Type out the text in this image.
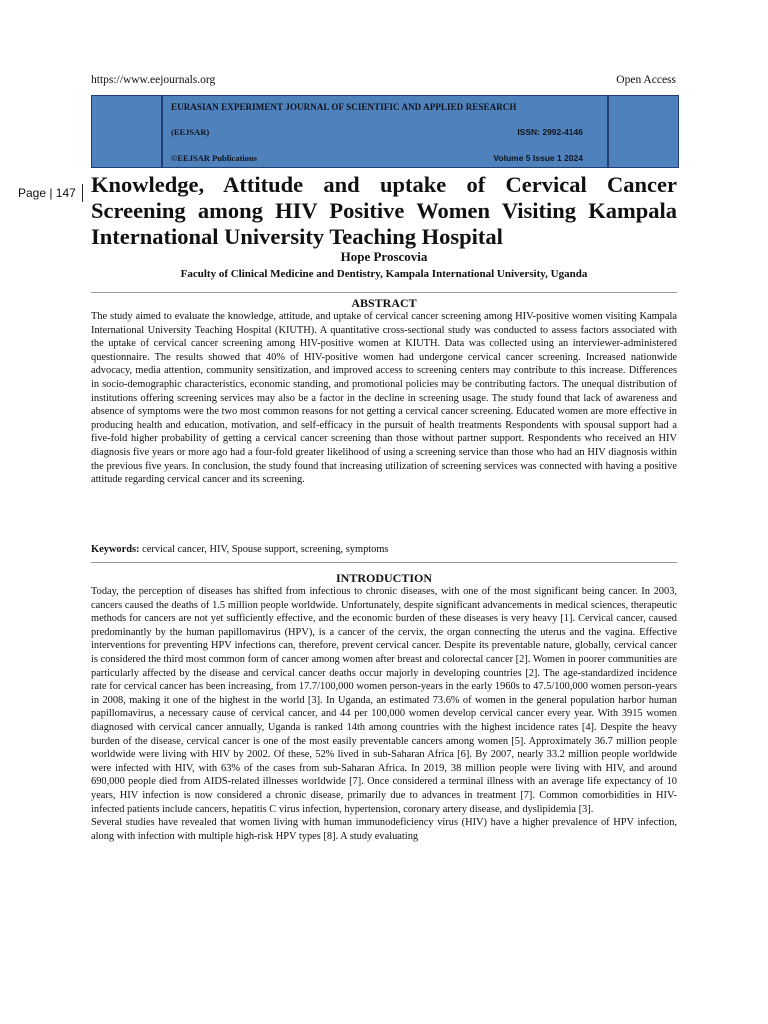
https://www.eejournals.org	Open Access
EURASIAN EXPERIMENT JOURNAL OF SCIENTIFIC AND APPLIED RESEARCH
(EEJSAR)	ISSN: 2992-4146
©EEJSAR Publications	Volume 5 Issue 1 2024
Page | 147 Knowledge, Attitude and uptake of Cervical Cancer Screening among HIV Positive Women Visiting Kampala International University Teaching Hospital
Hope Proscovia
Faculty of Clinical Medicine and Dentistry, Kampala International University, Uganda
ABSTRACT

The study aimed to evaluate the knowledge, attitude, and uptake of cervical cancer screening among HIV-positive women visiting Kampala International University Teaching Hospital (KIUTH). A quantitative cross-sectional study was conducted to assess factors associated with the uptake of cervical cancer screening among HIV-positive women at KIUTH. Data was collected using an interviewer-administered questionnaire. The results showed that 40% of HIV-positive women had undergone cervical cancer screening. Increased nationwide advocacy, media attention, community sensitization, and improved access to screening centers may contribute to this increase. Differences in socio-demographic characteristics, economic standing, and promotional policies may be contributing factors. The unequal distribution of institutions offering screening services may also be a factor in the decline in screening usage. The study found that lack of awareness and absence of symptoms were the two most common reasons for not getting a cervical cancer screening. Educated women are more effective in producing health and education, motivation, and self-efficacy in the pursuit of health treatments Respondents with spousal support had a five-fold higher probability of getting a cervical cancer screening than those without partner support. Respondents who received an HIV diagnosis five years or more ago had a four-fold greater likelihood of using a screening service than those who had an HIV diagnosis within the previous five years. In conclusion, the study found that increasing utilization of screening services was connected with having a positive attitude regarding cervical cancer and its screening.

Keywords: cervical cancer, HIV, Spouse support, screening, symptoms
INTRODUCTION

Today, the perception of diseases has shifted from infectious to chronic diseases, with one of the most significant being cancer. In 2003, cancers caused the deaths of 1.5 million people worldwide. Unfortunately, despite significant advancements in medical sciences, therapeutic methods for cancers are not yet sufficiently effective, and the economic burden of these diseases is very heavy [1]. Cervical cancer, caused predominantly by the human papillomavirus (HPV), is a cancer of the cervix, the organ connecting the uterus and the vagina. Effective interventions for preventing HPV infections can, therefore, prevent cervical cancer. Despite its preventable nature, globally, cervical cancer is considered the third most common form of cancer among women after breast and colorectal cancer [2]. Women in poorer communities are particularly affected by the disease and cervical cancer deaths occur majorly in developing countries [2]. The age-standardized incidence rate for cervical cancer has been increasing, from 17.7/100,000 women person-years in the early 1960s to 47.5/100,000 women person-years in 2008, making it one of the highest in the world [3]. In Uganda, an estimated 73.6% of women in the general population harbor human papillomavirus, a necessary cause of cervical cancer, and 44 per 100,000 women develop cervical cancer every year. With 3915 women diagnosed with cervical cancer annually, Uganda is ranked 14th among countries with the highest incidence rates [4]. Despite the heavy burden of the disease, cervical cancer is one of the most easily preventable cancers among women [5]. Approximately 36.7 million people worldwide were living with HIV by 2002. Of these, 52% lived in sub-Saharan Africa [6]. By 2007, nearly 33.2 million people worldwide were infected with HIV, with 63% of the cases from sub-Saharan Africa. In 2019, 38 million people were living with HIV, and around 690,000 people died from AIDS-related illnesses worldwide [7]. Once considered a terminal illness with an average life expectancy of 10 years, HIV infection is now considered a chronic disease, primarily due to advances in treatment [7]. Common comorbidities in HIV-infected patients include cancers, hepatitis C virus infection, hypertension, coronary artery disease, and dyslipidemia [3].

Several studies have revealed that women living with human immunodeficiency virus (HIV) have a higher prevalence of HPV infection, along with infection with multiple high-risk HPV types [8]. A study evaluating
